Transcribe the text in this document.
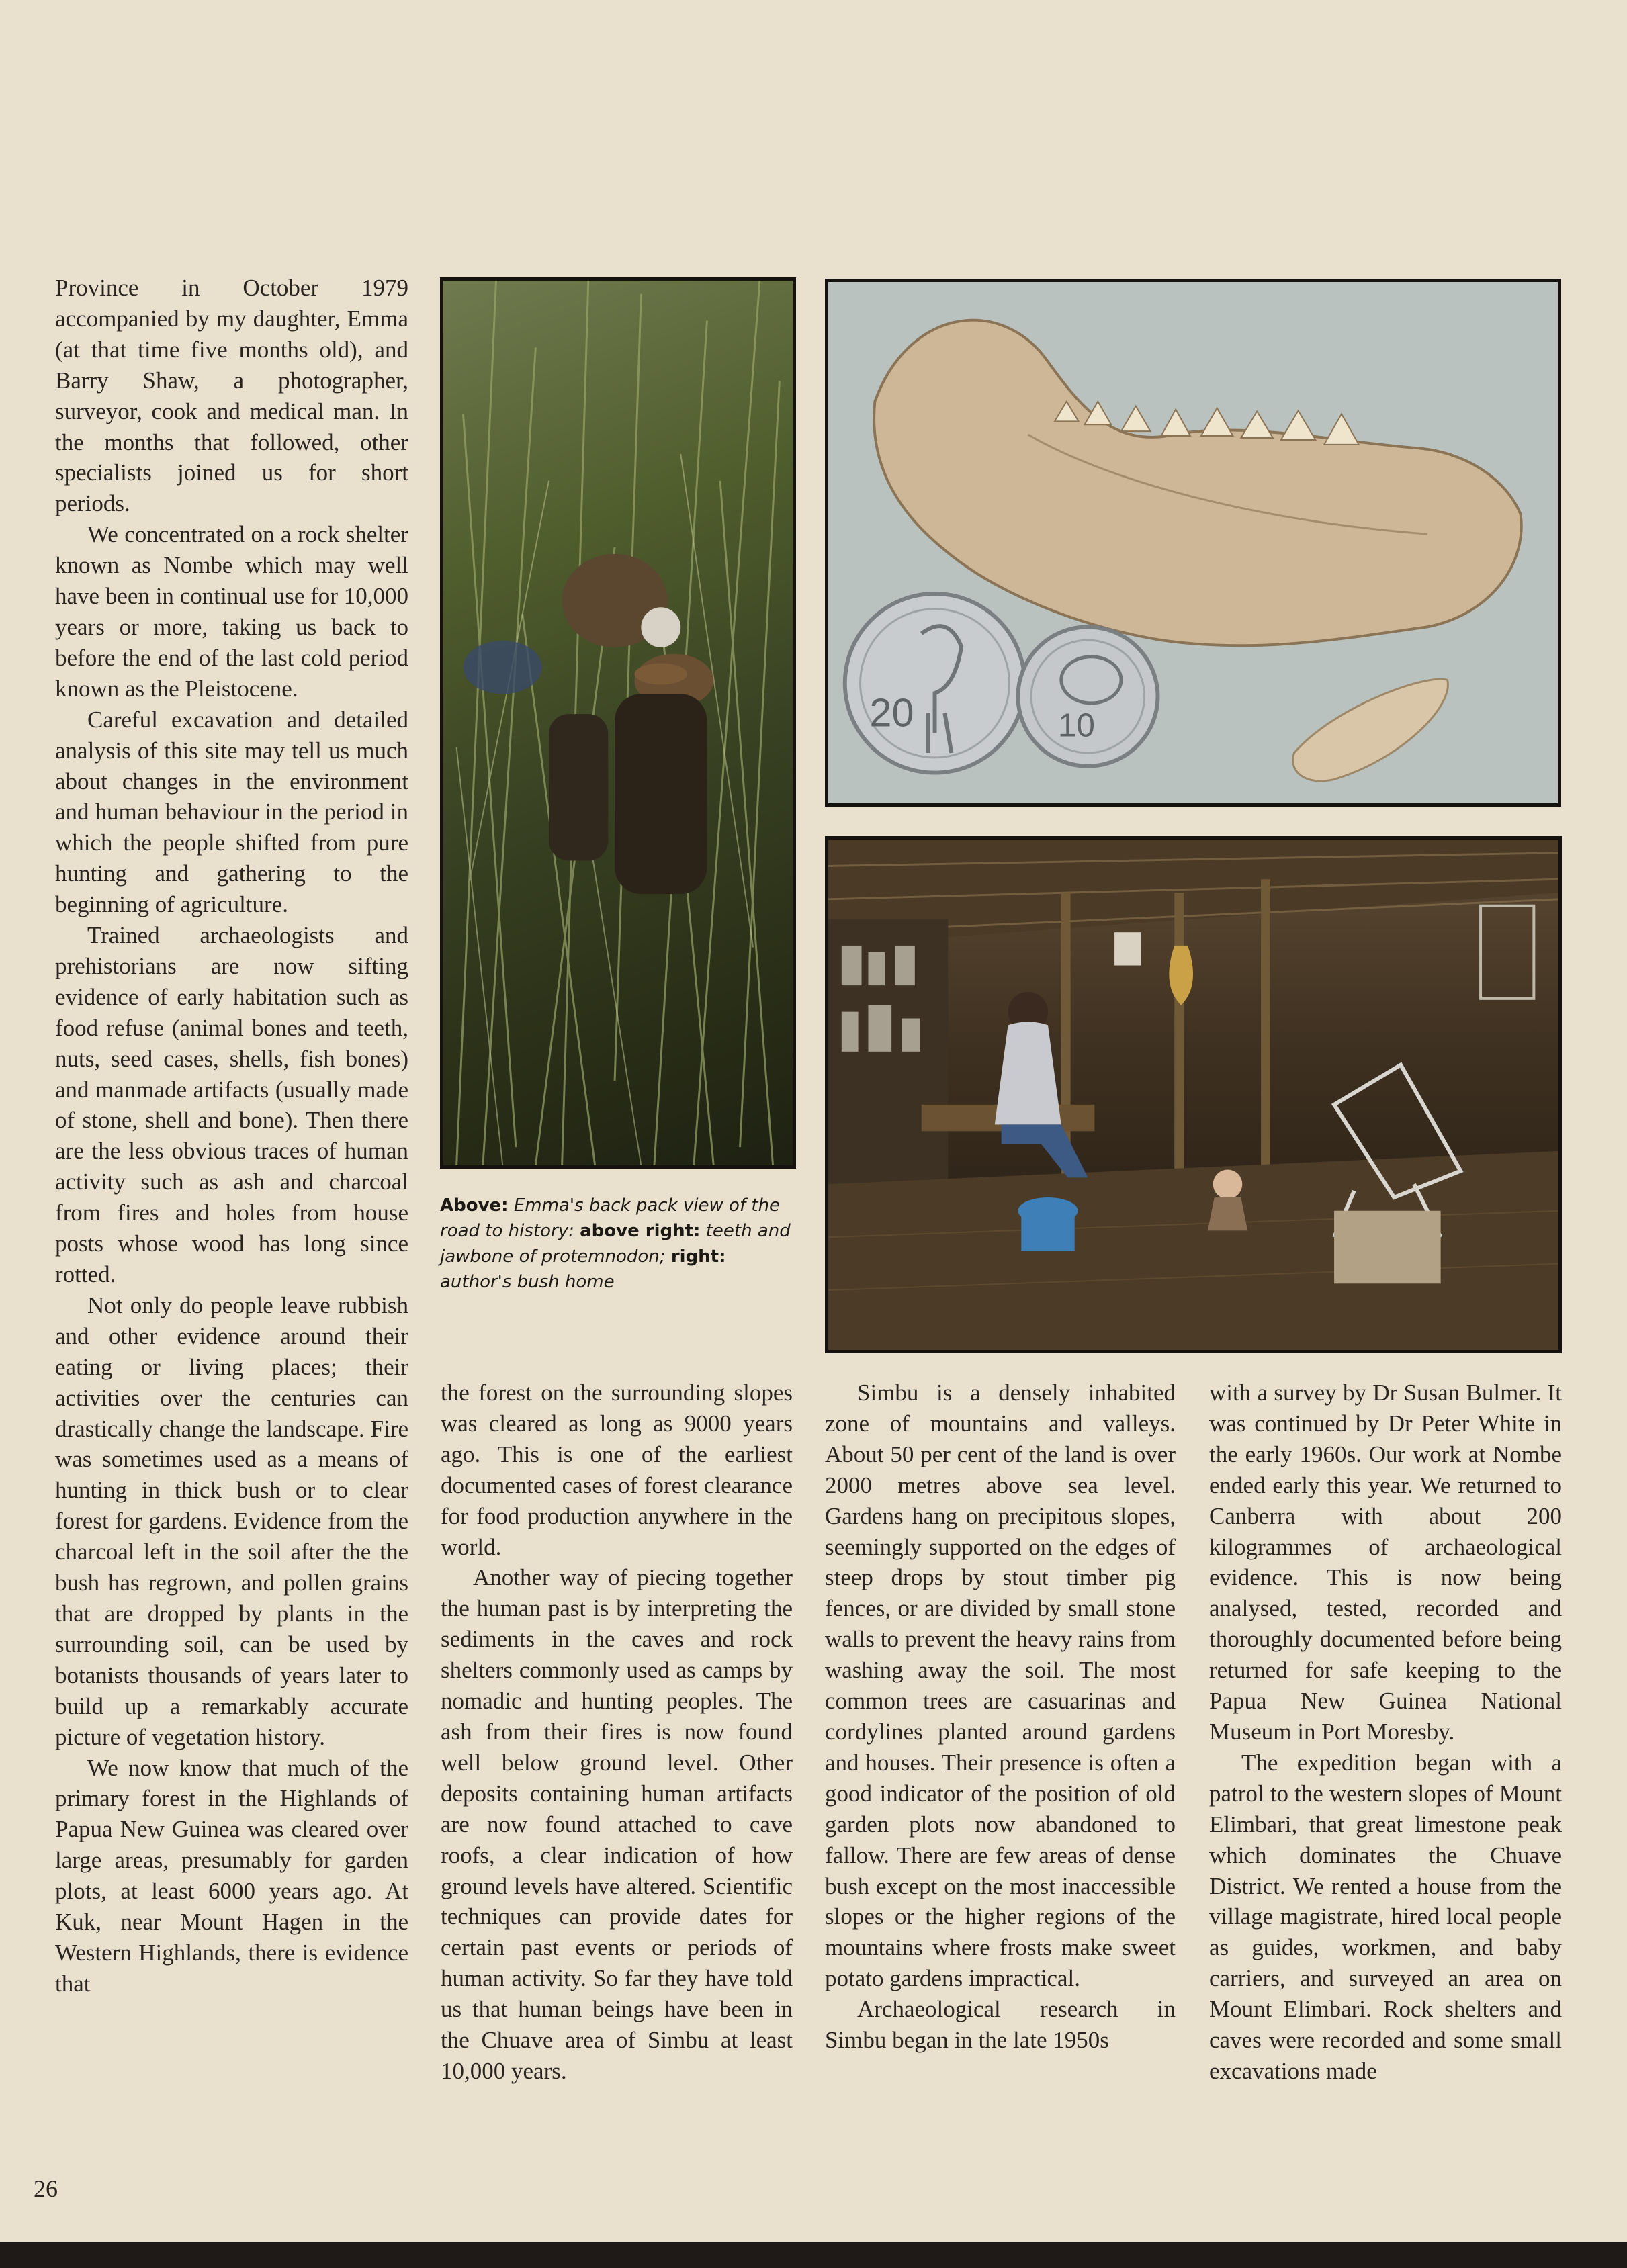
Province in October 1979 accompanied by my daughter, Emma (at that time five months old), and Barry Shaw, a photographer, surveyor, cook and medical man. In the months that followed, other specialists joined us for short periods.

We concentrated on a rock shelter known as Nombe which may well have been in continual use for 10,000 years or more, taking us back to before the end of the last cold period known as the Pleistocene.

Careful excavation and detailed analysis of this site may tell us much about changes in the environment and human behaviour in the period in which the people shifted from pure hunting and gathering to the beginning of agriculture.

Trained archaeologists and prehistorians are now sifting evidence of early habitation such as food refuse (animal bones and teeth, nuts, seed cases, shells, fish bones) and manmade artifacts (usually made of stone, shell and bone). Then there are the less obvious traces of human activity such as ash and charcoal from fires and holes from house posts whose wood has long since rotted.

Not only do people leave rubbish and other evidence around their eating or living places; their activities over the centuries can drastically change the landscape. Fire was sometimes used as a means of hunting in thick bush or to clear forest for gardens. Evidence from the charcoal left in the soil after the the bush has regrown, and pollen grains that are dropped by plants in the surrounding soil, can be used by botanists thousands of years later to build up a remarkably accurate picture of vegetation history.

We now know that much of the primary forest in the Highlands of Papua New Guinea was cleared over large areas, presumably for garden plots, at least 6000 years ago. At Kuk, near Mount Hagen in the Western Highlands, there is evidence that

20	10
Above: Emma's back pack view of the road to history: above right: teeth and jawbone of protemnodon; right: author's bush home

the forest on the surrounding slopes was cleared as long as 9000 years ago. This is one of the earliest documented cases of forest clearance for food production anywhere in the world.

Another way of piecing together the human past is by interpreting the sediments in the caves and rock shelters commonly used as camps by nomadic and hunting peoples. The ash from their fires is now found well below ground level. Other deposits containing human artifacts are now found attached to cave roofs, a clear indication of how ground levels have altered. Scientific techniques can provide dates for certain past events or periods of human activity. So far they have told us that human beings have been in the Chuave area of Simbu at least 10,000 years.

Simbu is a densely inhabited zone of mountains and valleys. About 50 per cent of the land is over 2000 metres above sea level. Gardens hang on precipitous slopes, seemingly supported on the edges of steep drops by stout timber pig fences, or are divided by small stone walls to prevent the heavy rains from washing away the soil. The most common trees are casuarinas and cordylines planted around gardens and houses. Their presence is often a good indicator of the position of old garden plots now abandoned to fallow. There are few areas of dense bush except on the most inaccessible slopes or the higher regions of the mountains where frosts make sweet potato gardens impractical.

Archaeological research in Simbu began in the late 1950s

with a survey by Dr Susan Bulmer. It was continued by Dr Peter White in the early 1960s. Our work at Nombe ended early this year. We returned to Canberra with about 200 kilogrammes of archaeological evidence. This is now being analysed, tested, recorded and thoroughly documented before being returned for safe keeping to the Papua New Guinea National Museum in Port Moresby.

The expedition began with a patrol to the western slopes of Mount Elimbari, that great limestone peak which dominates the Chuave District. We rented a house from the village magistrate, hired local people as guides, workmen, and baby carriers, and surveyed an area on Mount Elimbari. Rock shelters and caves were recorded and some small excavations made

26
